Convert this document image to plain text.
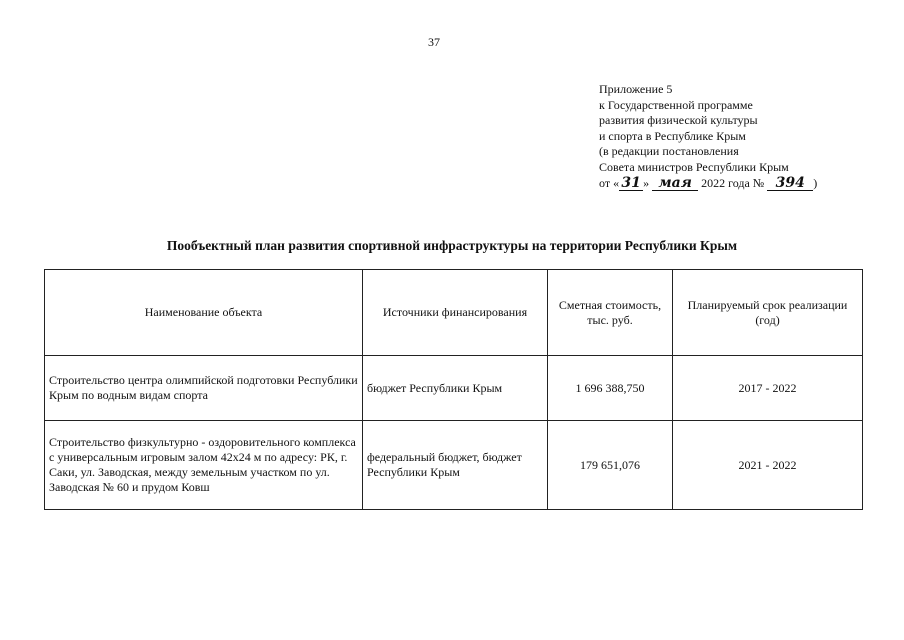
37
Приложение 5
к Государственной программе
развития физической культуры
и спорта в Республике Крым
(в редакции постановления
Совета министров Республики Крым
от « 31 » мая 2022 года № 394 )
Пообъектный план развития спортивной инфраструктуры на территории Республики Крым
Наименование объекта	Источники финансирования	Сметная стоимость, тыс. руб.	Планируемый срок реализации (год)
Строительство центра олимпийской подготовки Республики Крым по водным видам спорта	бюджет Республики Крым	1 696 388,750	2017 - 2022
Строительство физкультурно - оздоровительного комплекса с универсальным игровым залом 42х24 м по адресу: РК, г. Саки, ул. Заводская, между земельным участком по ул. Заводская № 60 и прудом Ковш	федеральный бюджет, бюджет Республики Крым	179 651,076	2021 - 2022
